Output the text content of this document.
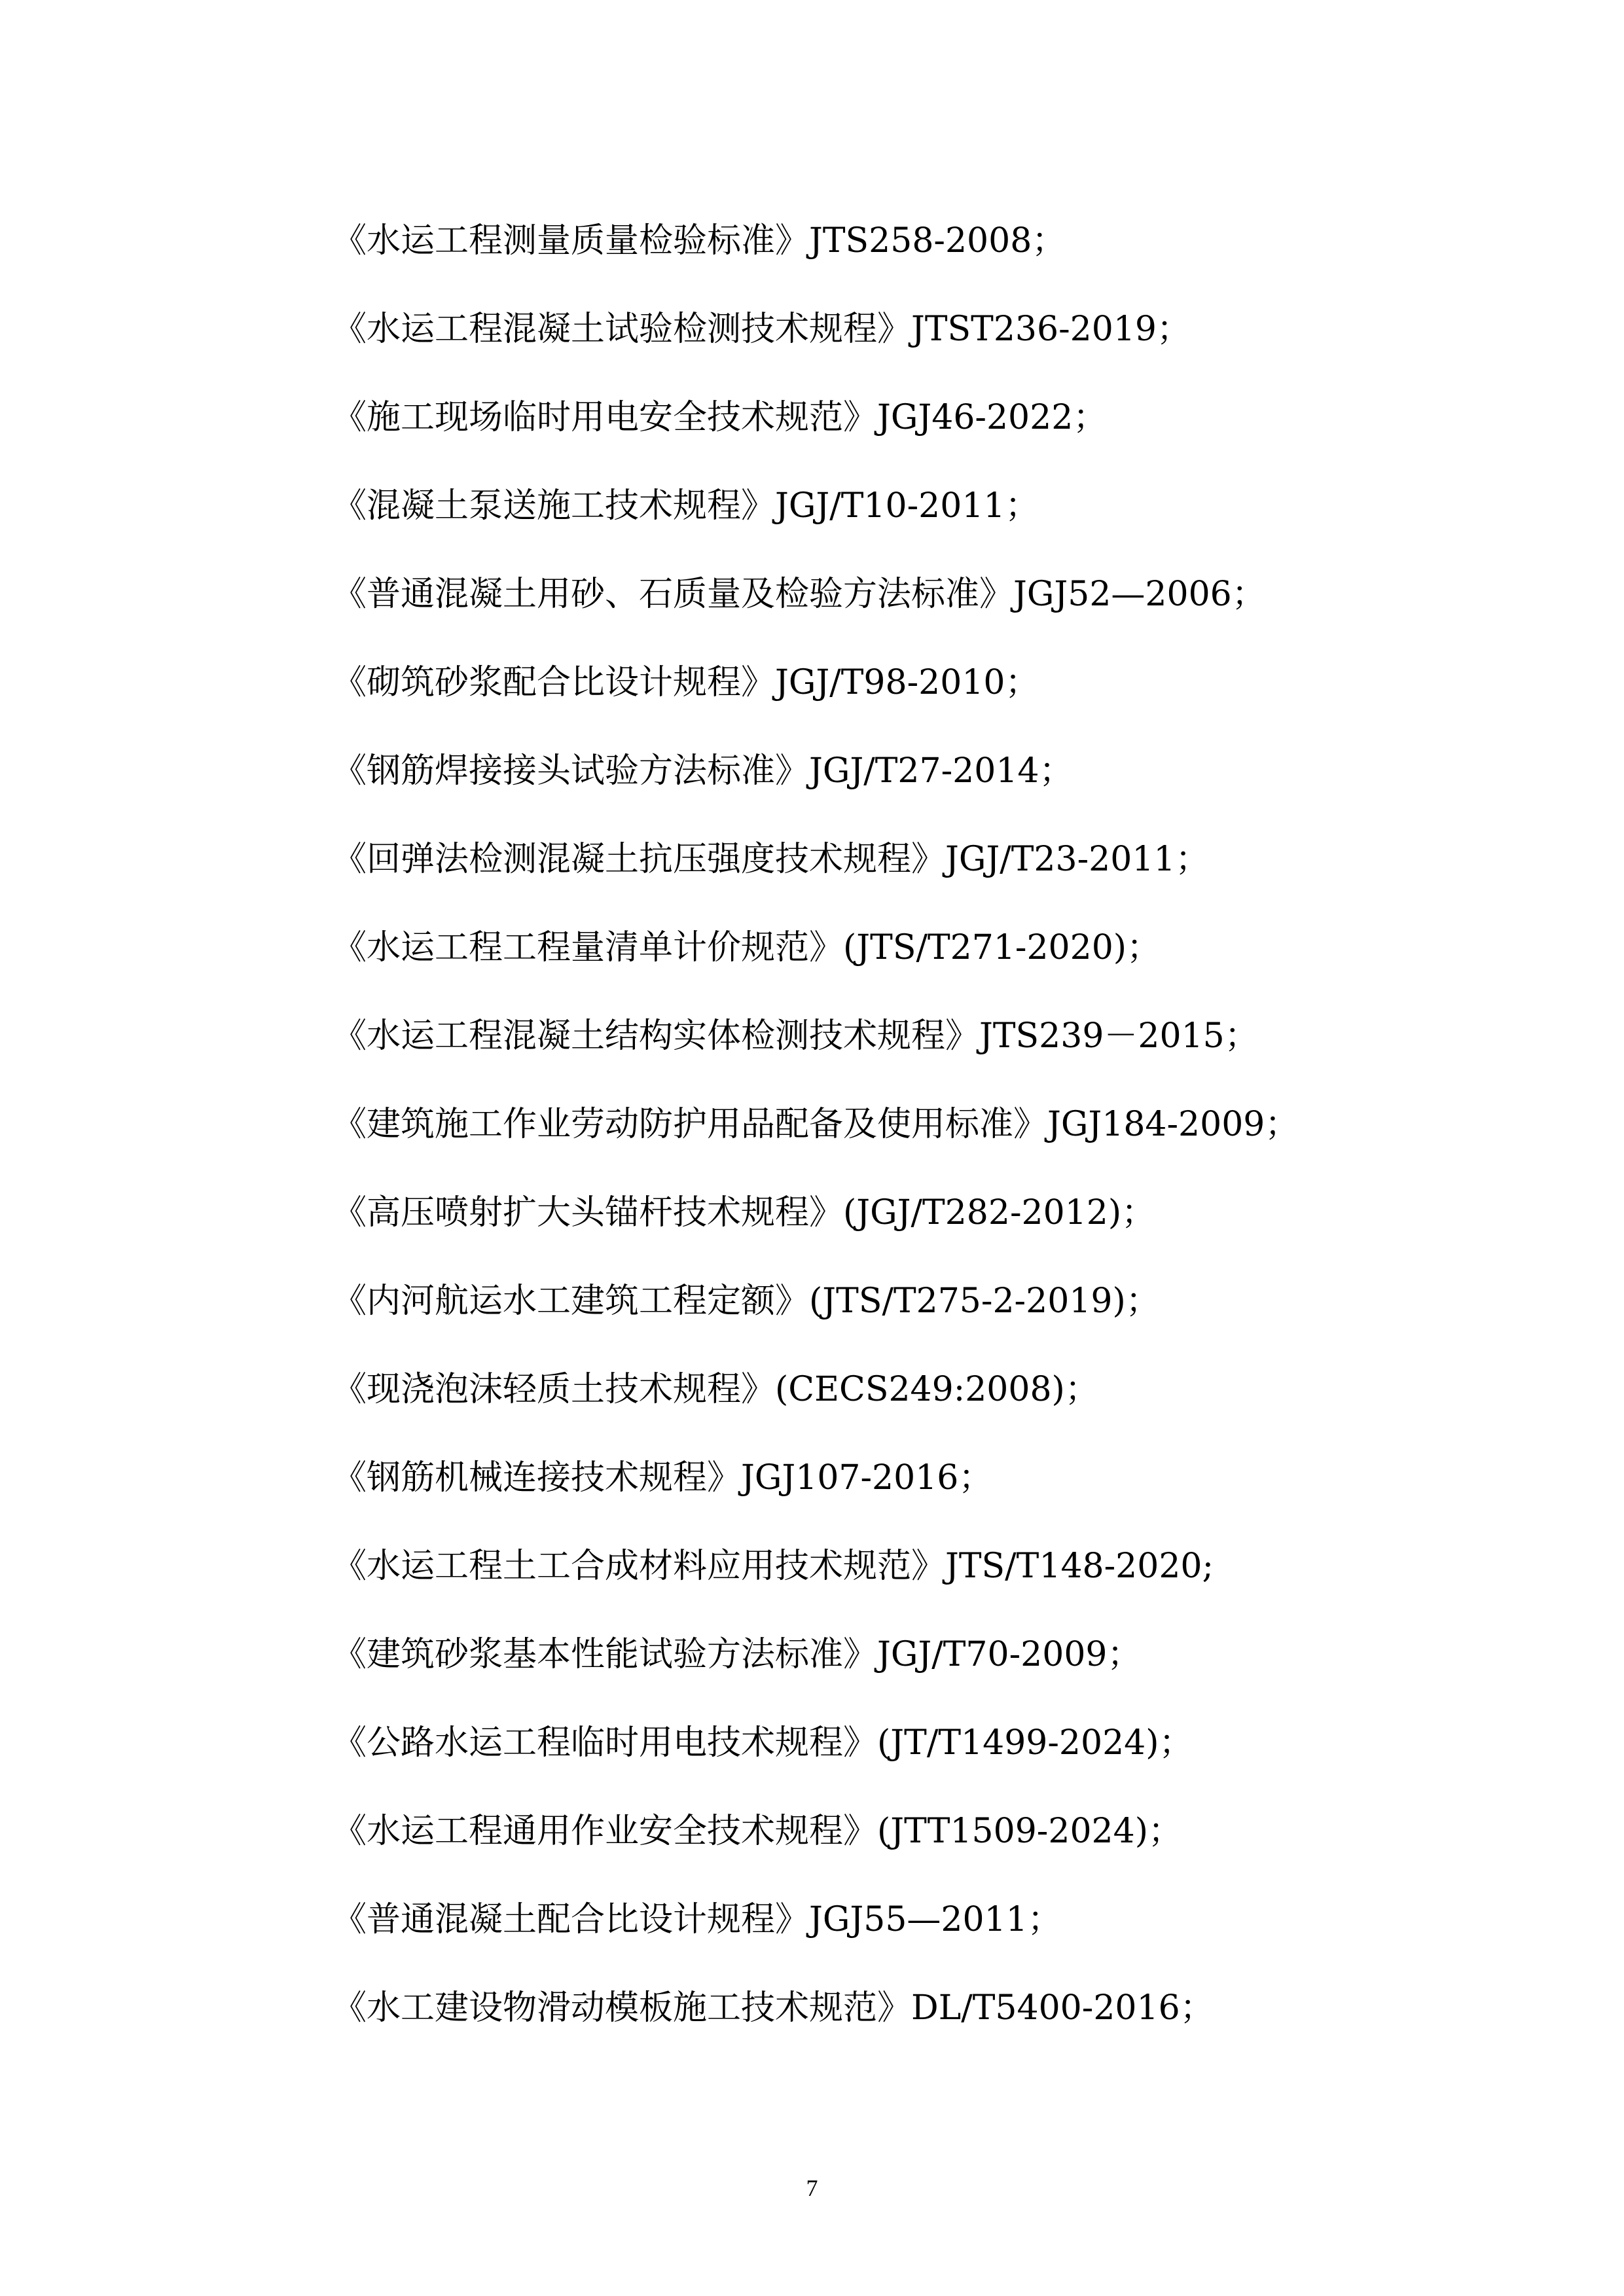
《水运工程测量质量检验标准》JTS258-2008；
《水运工程混凝土试验检测技术规程》JTST236-2019；
《施工现场临时用电安全技术规范》JGJ46-2022；
《混凝土泵送施工技术规程》JGJ/T10-2011；
《普通混凝土用砂、石质量及检验方法标准》JGJ52—2006；
《砌筑砂浆配合比设计规程》JGJ/T98-2010；
《钢筋焊接接头试验方法标准》JGJ/T27-2014；
《回弹法检测混凝土抗压强度技术规程》JGJ/T23-2011；
《水运工程工程量清单计价规范》(JTS/T271-2020)；
《水运工程混凝土结构实体检测技术规程》JTS239－2015；
《建筑施工作业劳动防护用品配备及使用标准》JGJ184-2009；
《高压喷射扩大头锚杆技术规程》(JGJ/T282-2012)；
《内河航运水工建筑工程定额》(JTS/T275-2-2019)；
《现浇泡沫轻质土技术规程》(CECS249:2008)；
《钢筋机械连接技术规程》JGJ107-2016；
《水运工程土工合成材料应用技术规范》JTS/T148-2020;
《建筑砂浆基本性能试验方法标准》JGJ/T70-2009；
《公路水运工程临时用电技术规程》(JT/T1499-2024)；
《水运工程通用作业安全技术规程》(JTT1509-2024)；
《普通混凝土配合比设计规程》JGJ55—2011；
《水工建设物滑动模板施工技术规范》DL/T5400-2016；
7
